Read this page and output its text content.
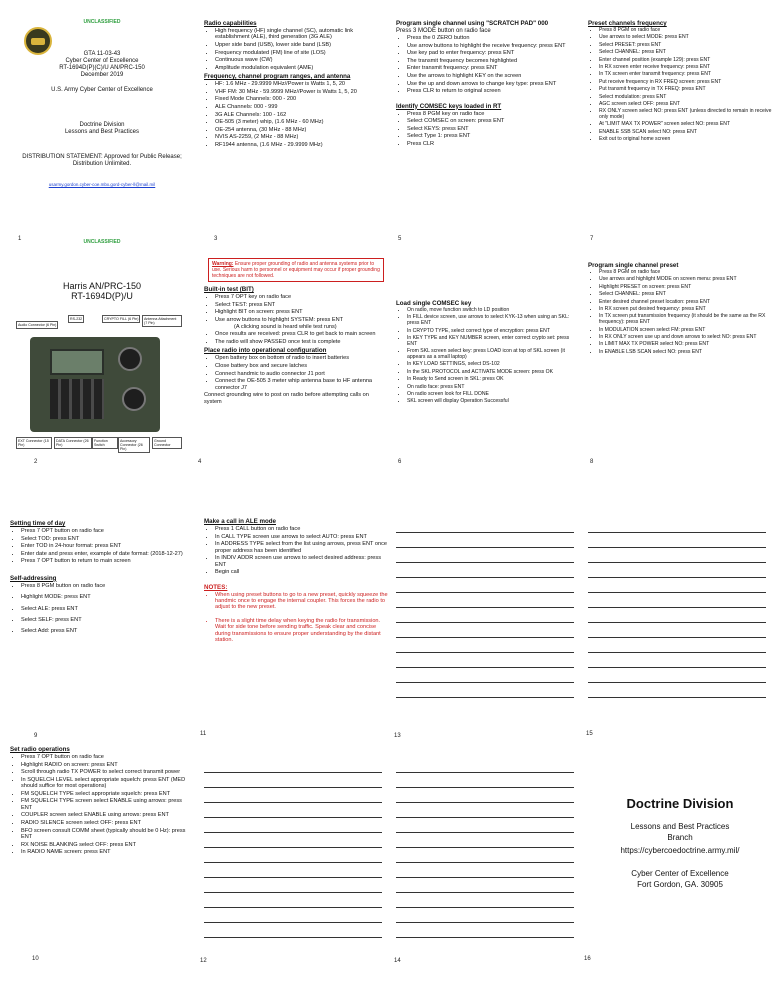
UNCLASSIFIED
GTA 11-03-43
Cyber Center of Excellence
RT-1694D(P)(C)/U AN/PRC-150
December 2019
U.S. Army Cyber Center of Excellence
Doctrine Division
Lessons and Best Practices
DISTRIBUTION STATEMENT: Approved for Public Release; Distribution Unlimited.
usarmy.gordon.cyber-coe.mbx.gord-cyber-ll@mail.mil
Radio capabilities
• High frequency (HF) single channel (SC), automatic link establishment (ALE), third generation (3G ALE)
• Upper side band (USB), lower side band (LSB)
• Frequency modulated (FM) line of site (LOS)
• Continuous wave (CW)
• Amplitude modulation equivalent (AME)
Frequency, channel program ranges, and antenna
• HF: 1.6 MHz - 29.9999 MHz//Power is Watts 1, 5, 20
• VHF FM: 30 MHz - 59.9999 MHz//Power is Watts 1, 5, 20
• Fixed Mode Channels: 000 - 200
• ALE Channels: 000 - 999
• 3G ALE Channels: 100 - 162
• OE-505 (3 meter) whip, (1.6 MHz - 60 MHz)
• OE-254 antenna, (30 MHz - 88 MHz)
• NVIS AS-2259, (2 MHz - 88 MHz)
• RF1944 antenna, (1.6 MHz - 29.9999 MHz)
Program single channel using "SCRATCH PAD" 000
Press 3 MODE button on radio face
• Press the 0 ZERO button
• Use arrow buttons to highlight the receive frequency: press ENT
• Use key pad to enter frequency: press ENT
• The transmit frequency becomes highlighted
• Enter transmit frequency: press ENT
• Use the arrows to highlight KEY on the screen
• Use the up and down arrows to change key type: press ENT
• Press CLR to return to original screen
Identify COMSEC keys loaded in RT
• Press 8 PGM key on radio face
• Select COMSEC on screen: press ENT
• Select KEYS: press ENT
• Select Type 1: press ENT
• Press CLR
Preset channels frequency
• Press 8 PGM on radio face
• Use arrows to select MODE: press ENT
• Select PRESET: press ENT
• Select CHANNEL: press ENT
• Enter channel position (example 129): press ENT
• In RX screen enter receive frequency: press ENT
• In TX screen enter transmit frequency: press ENT
• Put receive frequency in RX FREQ screen: press ENT
• Put transmit frequency in TX FREQ: press ENT
• Select modulation: press ENT
• AGC screen select OFF: press ENT
• RX ONLY screen select NO: press ENT (unless directed to remain in receive only mode)
• At "LIMIT MAX TX POWER" screen select NO: press ENT
• ENABLE SSB SCAN select NO: press ENT
• Exit out to original home screen
1	3	5	7
UNCLASSIFIED
Harris AN/PRC-150
RT-1694D(P)/U
Audio Connector (6 Pin)
RS-232	CRYPTO FILL (6 Pin)	Antenna Attachment (7 Pin)
DATA Connector (26 Pin)
Function Switch
Accessory Connector (26 Pin)
Ground Connector
EXT Connector (15 Pin)
Warning: Ensure proper grounding of radio and antenna systems prior to use. Serious harm to personnel or equipment may occur if proper grounding techniques are not followed.
Built-in test (BIT)
• Press 7 OPT key on radio face
• Select TEST: press ENT
• Highlight BIT on screen: press ENT
• Use arrow buttons to highlight SYSTEM: press ENT
(A clicking sound is heard while test runs)
• Once results are received: press CLR to get back to main screen
• The radio will show PASSED once test is complete
Place radio into operational configuration
• Open battery box on bottom of radio to insert batteries
• Close battery box and secure latches
• Connect handmic to audio connector J1 port
• Connect the OE-505 3 meter whip antenna base to HF antenna connector J7
Connect grounding wire to post on radio before attempting calls on system
Load single COMSEC key
• On radio, move function switch to LD position
• In FILL device screen, use arrows to select KYK-13 when using an SKL: press ENT
• In CRYPTO TYPE, select correct type of encryption: press ENT
• In KEY TYPE and KEY NUMBER screen, enter correct crypto set: press ENT
• From SKL screen select key: press LOAD icon at top of SKL screen (it appears as a small laptop)
• In KEY LOAD SETTINGS, select DS-102
• In the SKL PROTOCOL and ACTIVATE MODE screen: press OK
• In Ready to Send screen in SKL: press OK
• On radio face: press ENT
• On radio screen look for FILL DONE
• SKL screen will display Operation Successful
Program single channel preset
• Press 8 PGM on radio face
• Use arrows and highlight MODE on screen menu: press ENT
• Highlight PRESET on screen: press ENT
• Select CHANNEL: press ENT
• Enter desired channel preset location: press ENT
• In RX screen put desired frequency: press ENT
• In TX screen put transmission frequency (it should be the same as the RX frequency): press ENT
• In MODULATION screen select FM: press ENT
• In RX ONLY screen use up and down arrows to select NO: press ENT
• In LIMIT MAX TX POWER select NO: press ENT
• In ENABLE LSB SCAN select NO: press ENT
2	4	6	8
Setting time of day
• Press 7 OPT button on radio face
• Select TOD: press ENT
• Enter TOD in 24-hour format: press ENT
• Enter date and press enter, example of date format: (2018-12-27)
• Press 7 OPT button to return to main screen
Self-addressing
• Press 8 PGM button on radio face
• Highlight MODE: press ENT
• Select ALE: press ENT
• Select SELF: press ENT
• Select Add: press ENT
Make a call in ALE mode
• Press 1 CALL button on radio face
• In CALL TYPE screen use arrows to select AUTO: press ENT
• In ADDRESS TYPE select from the list using arrows, press ENT once proper address has been identified
• In INDIV ADDR screen use arrows to select desired address: press ENT
• Begin call
NOTES:
• When using preset buttons to go to a new preset, quickly squeeze the handmic once to engage the internal coupler. This forces the radio to adjust to the new preset.
• There is a slight time delay when keying the radio for transmission. Wait for side tone before sending traffic. Speak clear and concise during transmissions to ensure proper understanding by the distant station.
9	11	13	15
Set radio operations
• Press 7 OPT button on radio face
• Highlight RADIO on screen: press ENT
• Scroll through radio TX POWER to select correct transmit power
• In SQUELCH LEVEL select appropriate squelch: press ENT (MED should suffice for most operations)
• FM SQUELCH TYPE select appropriate squelch: press ENT
• FM SQUELCH TYPE screen select ENABLE using arrows: press ENT
• COUPLER screen select ENABLE using arrows: press ENT
• RADIO SILENCE screen select OFF: press ENT
• BFO screen consult COMM sheet (typically should be 0 Hz): press ENT
• RX NOISE BLANKING select OFF: press ENT
• In RADIO NAME screen: press ENT
Doctrine Division
Lessons and Best Practices
Branch
https://cybercoedoctrine.army.mil/
Cyber Center of Excellence
Fort Gordon, GA. 30905
10	12	14	16
